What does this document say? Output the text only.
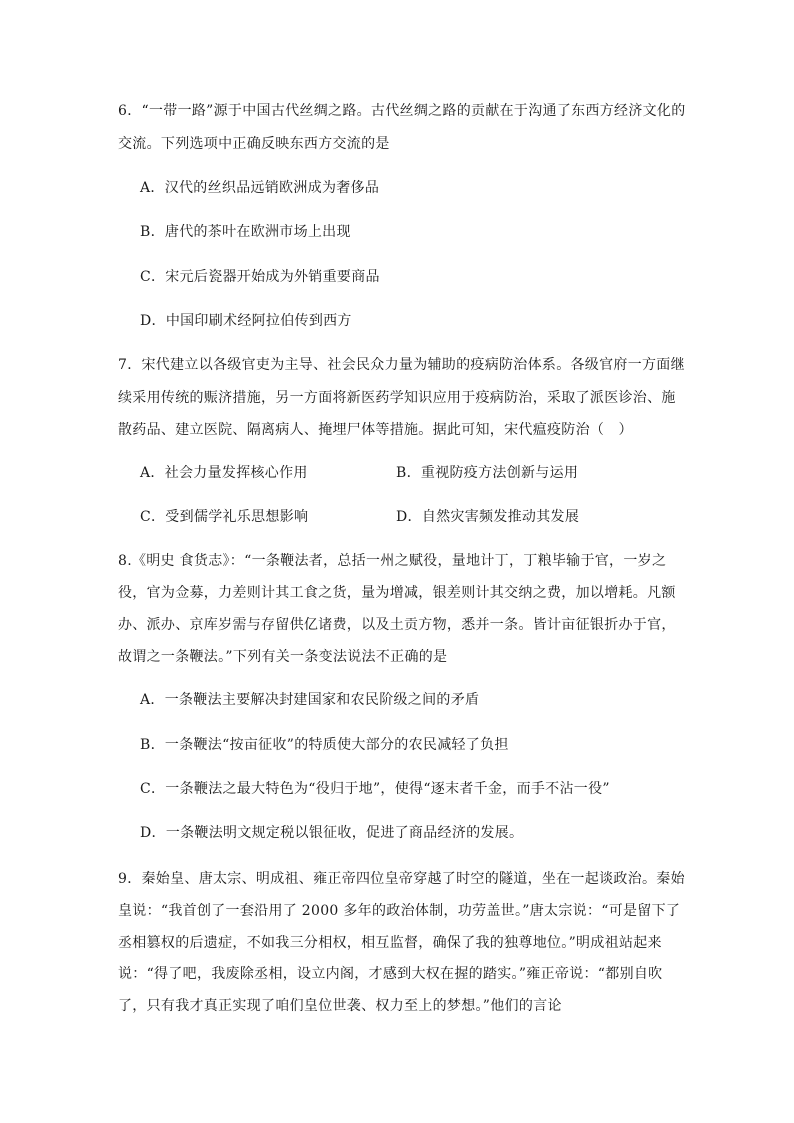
6．“一带一路”源于中国古代丝绸之路。古代丝绸之路的贡献在于沟通了东西方经济文化的
交流。下列选项中正确反映东西方交流的是
A．汉代的丝织品远销欧洲成为奢侈品
B．唐代的茶叶在欧洲市场上出现
C．宋元后瓷器开始成为外销重要商品
D．中国印刷术经阿拉伯传到西方
7．宋代建立以各级官吏为主导、社会民众力量为辅助的疫病防治体系。各级官府一方面继
续采用传统的赈济措施，另一方面将新医药学知识应用于疫病防治，采取了派医诊治、施
散药品、建立医院、隔离病人、掩埋尸体等措施。据此可知，宋代瘟疫防治（　）
A．社会力量发挥核心作用	B．重视防疫方法创新与运用
C．受到儒学礼乐思想影响	D．自然灾害频发推动其发展
8.《明史 食货志》：“一条鞭法者，总括一州之赋役，量地计丁，丁粮毕输于官，一岁之
役，官为佥募，力差则计其工食之货，量为增减，银差则计其交纳之费，加以增耗。凡额
办、派办、京库岁需与存留供亿诸费，以及土贡方物，悉并一条。皆计亩征银折办于官，
故谓之一条鞭法。”下列有关一条变法说法不正确的是
A．一条鞭法主要解决封建国家和农民阶级之间的矛盾
B．一条鞭法“按亩征收”的特质使大部分的农民减轻了负担
C．一条鞭法之最大特色为“役归于地”，使得“逐末者千金，而手不沾一役”
D．一条鞭法明文规定税以银征收，促进了商品经济的发展。
9．秦始皇、唐太宗、明成祖、雍正帝四位皇帝穿越了时空的隧道，坐在一起谈政治。秦始
皇说：“我首创了一套沿用了 2000 多年的政治体制，功劳盖世。”唐太宗说：“可是留下了
丞相篡权的后遗症，不如我三分相权，相互监督，确保了我的独尊地位。”明成祖站起来
说：“得了吧，我废除丞相，设立内阁，才感到大权在握的踏实。”雍正帝说：“都别自吹
了，只有我才真正实现了咱们皇位世袭、权力至上的梦想。”他们的言论
